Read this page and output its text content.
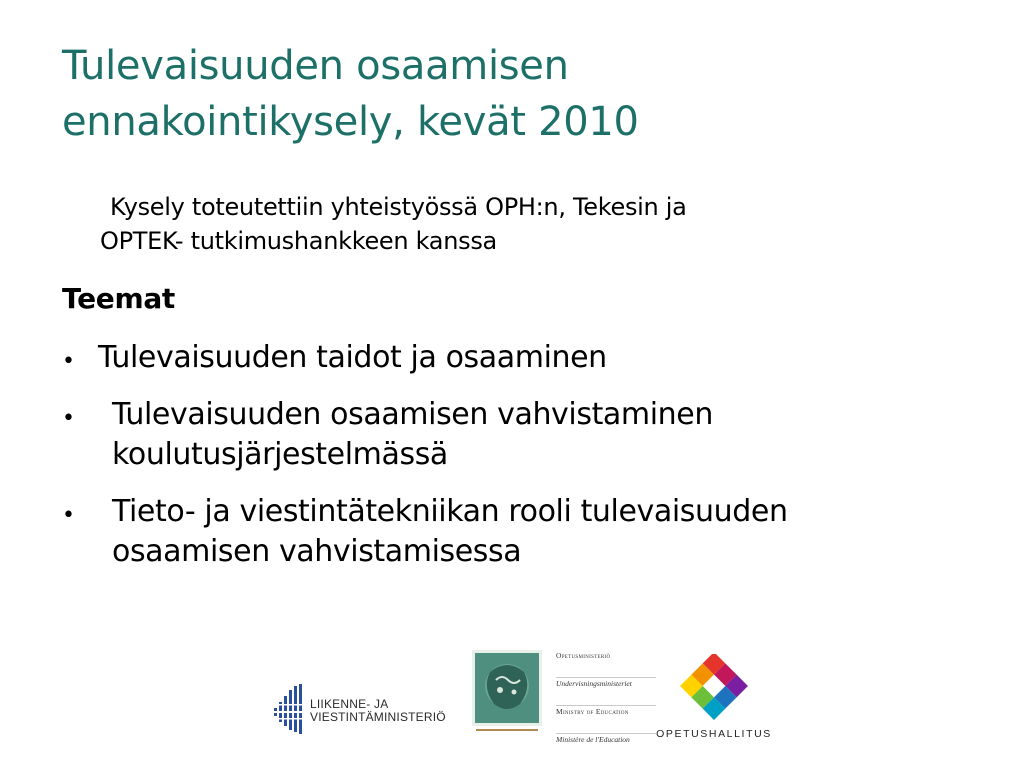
Tulevaisuuden osaamisen
ennakointikysely, kevät 2010
Kysely toteutettiin yhteistyössä OPH:n, Tekesin ja
OPTEK- tutkimushankkeen kanssa
Teemat
• Tulevaisuuden taidot ja osaaminen
• Tulevaisuuden osaamisen vahvistaminen
koulutusjärjestelmässä
• Tieto- ja viestintätekniikan rooli tulevaisuuden
osaamisen vahvistamisessa
LIIKENNE- JA
VIESTINTÄMINISTERIÖ
Opetusministeriö
Undervisningsministeriet
Ministry of Education
Ministère de l'Education	OPETUSHALLITUS
